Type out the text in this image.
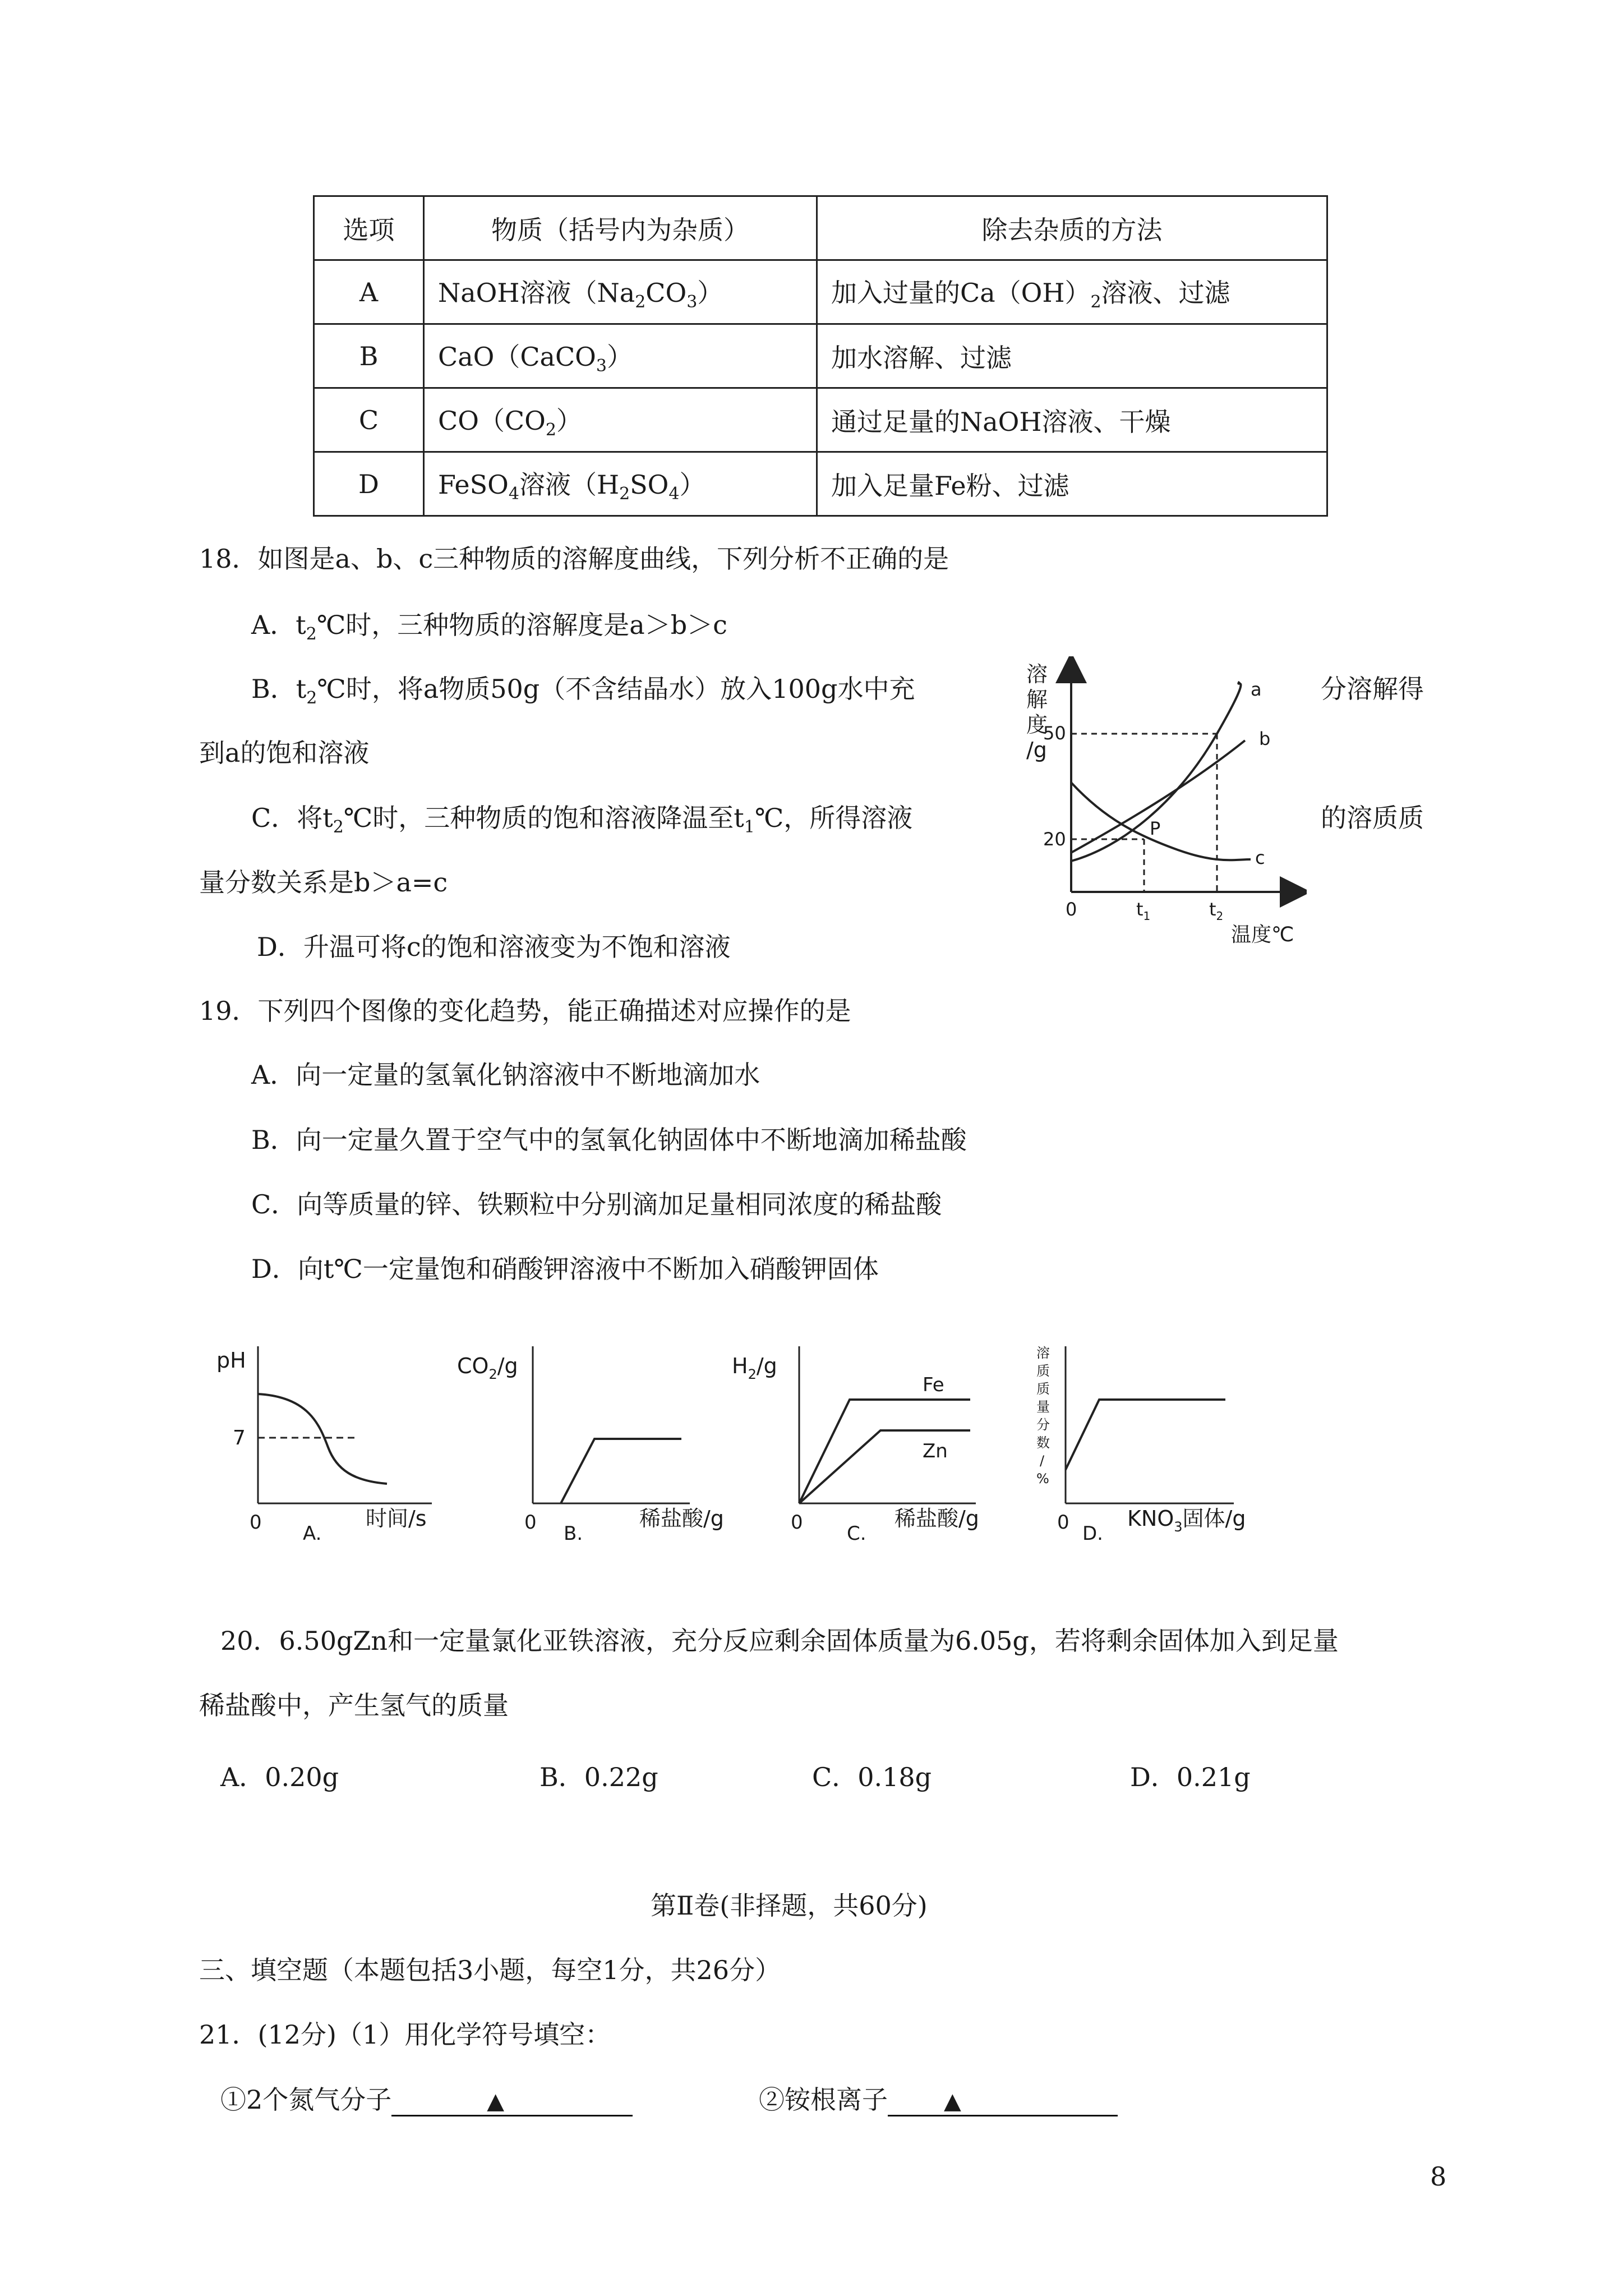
选项	物质（括号内为杂质）	除去杂质的方法
A	NaOH溶液$(Na_2CO_3)$	加入过量的$Ca(OH)_2$溶液、过滤
B	CaO（CaCO$_3$）	加水溶解、过滤
C	$CO(CO_2)$	通过足量的NaOH溶液、干燥
D	FeSO$_4$溶液$(H_2SO_4)$	加入足量Fe粉、过滤
18．如图是a、b、c三种物质的溶解度曲线，下列分析不正确的是
A．$t_2℃$时，三种物质的溶解度是a＞b＞c
B．$t_2℃$时，将a物质50g（不含结晶水）放入100g水中充	分溶解得
到a的饱和溶液
C．将$t_2℃$时，三种物质的饱和溶液降温至$t_1℃$，所得溶液	的溶质质
量分数关系是b＞a=c
D．升温可将c的饱和溶液变为不饱和溶液
溶
解
度
/g
50
20
0
a
b
c
P
$t_1$	$t_2$
温度℃
19．下列四个图像的变化趋势，能正确描述对应操作的是
A．向一定量的氢氧化钠溶液中不断地滴加水
B．向一定量久置于空气中的氢氧化钠固体中不断地滴加稀盐酸
C．向等质量的锌、铁颗粒中分别滴加足量相同浓度的稀盐酸
D．向t℃一定量饱和硝酸钾溶液中不断加入硝酸钾固体
pH
7
0 A.
时间/s
$CO_2/g$
0 B.
稀盐酸/g
$H_2/g$
0
Fe
Zn
C.
稀盐酸/g
溶
质
质
量
分
数
/
%
0 D.
$KNO_3$固体/g
20．6.50gZn和一定量氯化亚铁溶液，充分反应剩余固体质量为6.05g，若将剩余固体加入到足量
稀盐酸中，产生氢气的质量
A．0.20g	B．0.22g	C．0.18g	D．0.21g
第Ⅱ卷(非择题，共60分)
三、填空题（本题包括3小题，每空1分，共26分）
21．(12分)（1）用化学符号填空：
①2个氮气分子	▲	②铵根离子	▲
8
